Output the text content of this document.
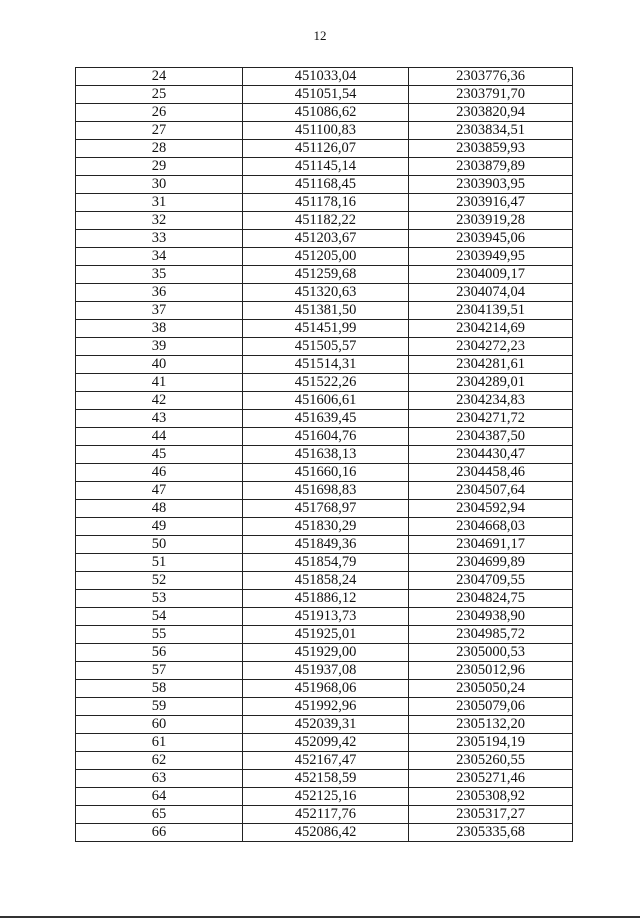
12
24	451033,04	2303776,36
25	451051,54	2303791,70
26	451086,62	2303820,94
27	451100,83	2303834,51
28	451126,07	2303859,93
29	451145,14	2303879,89
30	451168,45	2303903,95
31	451178,16	2303916,47
32	451182,22	2303919,28
33	451203,67	2303945,06
34	451205,00	2303949,95
35	451259,68	2304009,17
36	451320,63	2304074,04
37	451381,50	2304139,51
38	451451,99	2304214,69
39	451505,57	2304272,23
40	451514,31	2304281,61
41	451522,26	2304289,01
42	451606,61	2304234,83
43	451639,45	2304271,72
44	451604,76	2304387,50
45	451638,13	2304430,47
46	451660,16	2304458,46
47	451698,83	2304507,64
48	451768,97	2304592,94
49	451830,29	2304668,03
50	451849,36	2304691,17
51	451854,79	2304699,89
52	451858,24	2304709,55
53	451886,12	2304824,75
54	451913,73	2304938,90
55	451925,01	2304985,72
56	451929,00	2305000,53
57	451937,08	2305012,96
58	451968,06	2305050,24
59	451992,96	2305079,06
60	452039,31	2305132,20
61	452099,42	2305194,19
62	452167,47	2305260,55
63	452158,59	2305271,46
64	452125,16	2305308,92
65	452117,76	2305317,27
66	452086,42	2305335,68
